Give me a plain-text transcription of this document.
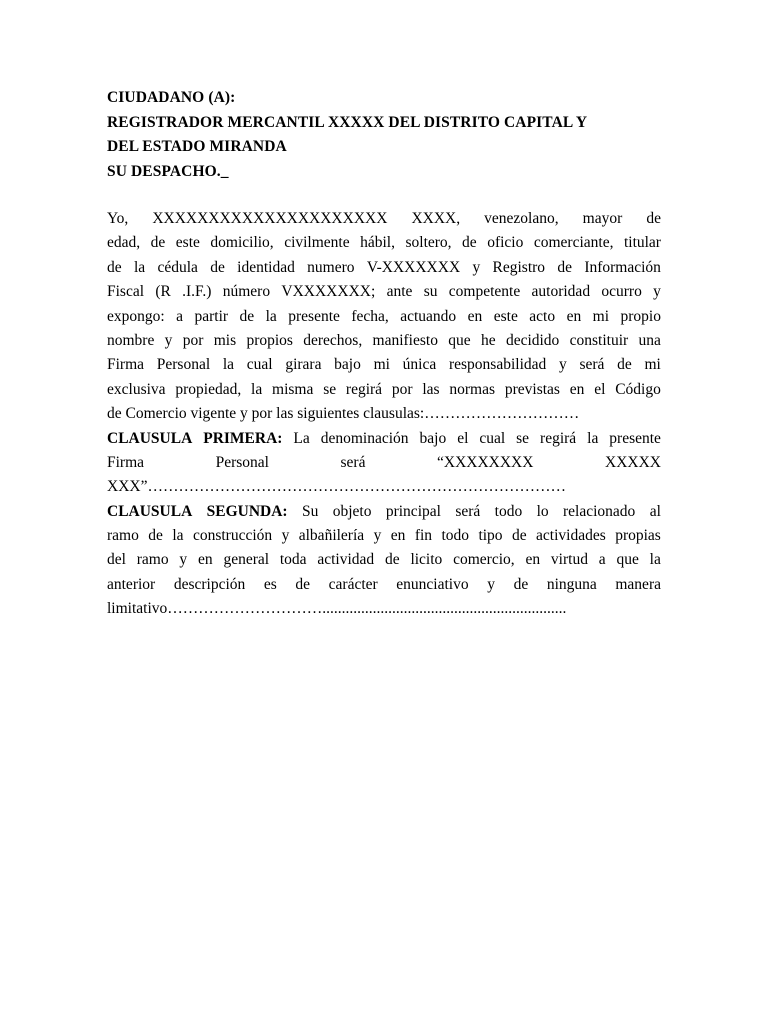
CIUDADANO (A):
REGISTRADOR MERCANTIL XXXXX DEL DISTRITO CAPITAL Y
DEL ESTADO MIRANDA
SU DESPACHO._
Yo, XXXXXXXXXXXXXXXXXXXXX XXXX, venezolano, mayor de
edad, de este domicilio, civilmente hábil, soltero, de oficio comerciante, titular
de la cédula de identidad numero V-XXXXXXX y Registro de Información
Fiscal (R .I.F.) número VXXXXXXX; ante su competente autoridad ocurro y
expongo: a partir de la presente fecha, actuando en este acto en mi propio
nombre y por mis propios derechos, manifiesto que he decidido constituir una
Firma Personal la cual girara bajo mi única responsabilidad y será de mi
exclusiva propiedad, la misma se regirá por las normas previstas en el Código
de Comercio vigente y por las siguientes clausulas:…………………………
CLAUSULA PRIMERA: La denominación bajo el cual se regirá la presente
Firma	Personal	será	“XXXXXXXX	XXXXX
XXX”………………………………………………………………………
CLAUSULA SEGUNDA: Su objeto principal será todo lo relacionado al
ramo de la construcción y albañilería y en fin todo tipo de actividades propias
del ramo y en general toda actividad de licito comercio, en virtud a que la
anterior descripción es de carácter enunciativo y de ninguna manera
limitativo…………………………...............................................................
